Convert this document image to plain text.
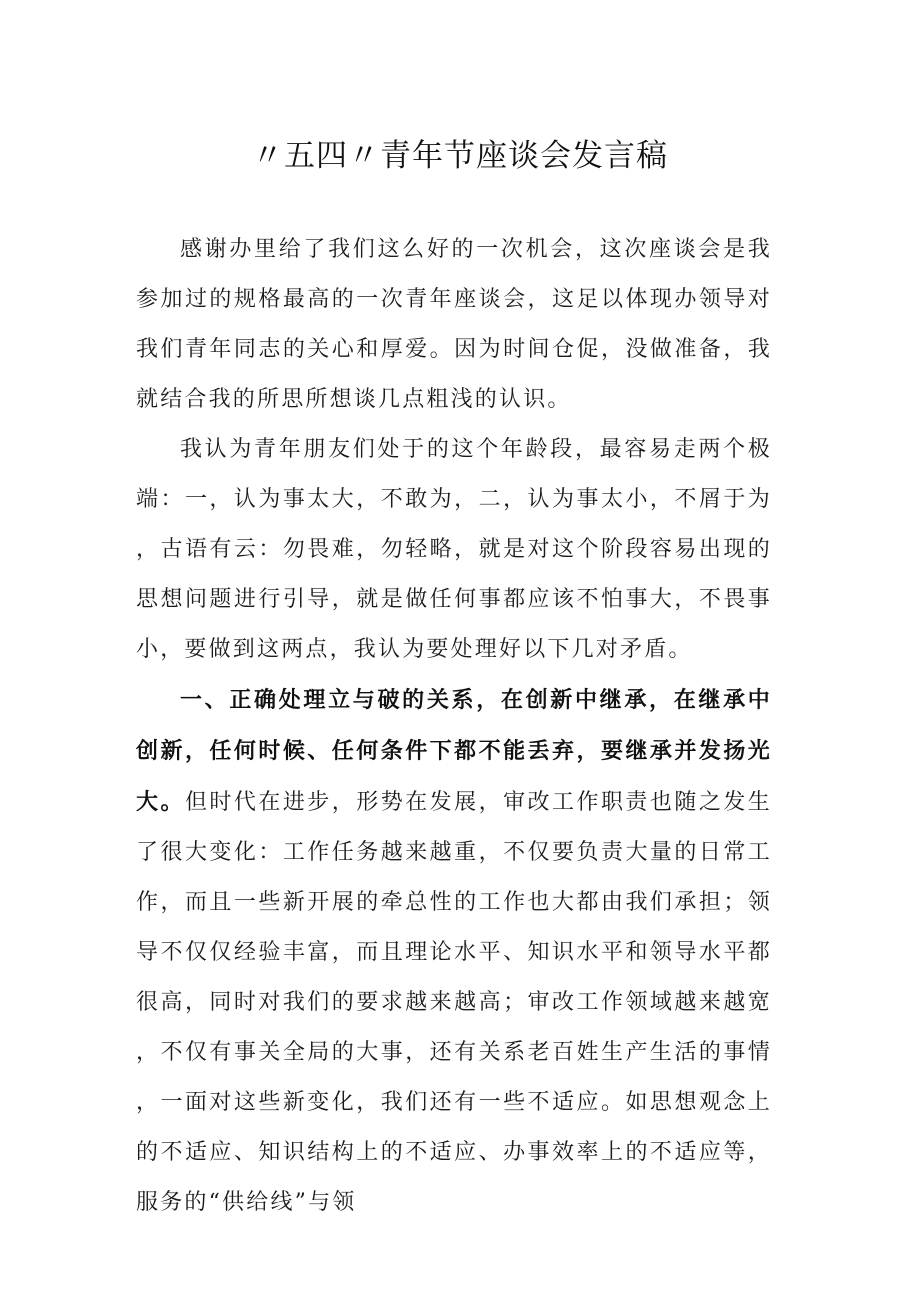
〃五四〃青年节座谈会发言稿

感谢办里给了我们这么好的一次机会，这次座谈会是我参加过的规格最高的一次青年座谈会，这足以体现办领导对我们青年同志的关心和厚爱。因为时间仓促，没做准备，我就结合我的所思所想谈几点粗浅的认识。

我认为青年朋友们处于的这个年龄段，最容易走两个极端：一，认为事太大，不敢为，二，认为事太小，不屑于为，古语有云：勿畏难，勿轻略，就是对这个阶段容易出现的思想问题进行引导，就是做任何事都应该不怕事大，不畏事小，要做到这两点，我认为要处理好以下几对矛盾。

一、正确处理立与破的关系，在创新中继承，在继承中创新，任何时候、任何条件下都不能丢弃，要继承并发扬光大。但时代在进步，形势在发展，审改工作职责也随之发生了很大变化：工作任务越来越重，不仅要负责大量的日常工作，而且一些新开展的牵总性的工作也大都由我们承担；领导不仅仅经验丰富，而且理论水平、知识水平和领导水平都很高，同时对我们的要求越来越高；审改工作领域越来越宽，不仅有事关全局的大事，还有关系老百姓生产生活的事情，一面对这些新变化，我们还有一些不适应。如思想观念上的不适应、知识结构上的不适应、办事效率上的不适应等，服务的“供给线”与领
